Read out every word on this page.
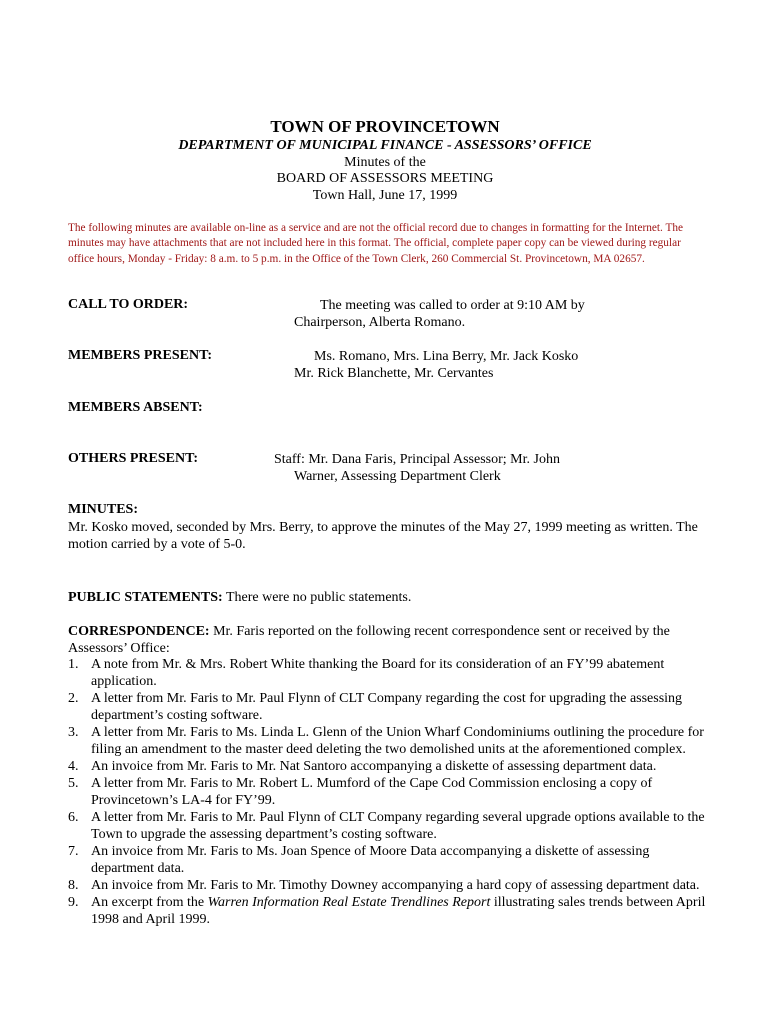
TOWN OF PROVINCETOWN
DEPARTMENT OF MUNICIPAL FINANCE - ASSESSORS’ OFFICE
Minutes of the
BOARD OF ASSESSORS MEETING
Town Hall, June 17, 1999
The following minutes are available on-line as a service and are not the official record due to changes in formatting for the Internet. The minutes may have attachments that are not included here in this format. The official, complete paper copy can be viewed during regular office hours, Monday - Friday: 8 a.m. to 5 p.m. in the Office of the Town Clerk, 260 Commercial St. Provincetown, MA 02657.
CALL TO ORDER:	The meeting was called to order at 9:10 AM by
Chairperson, Alberta Romano.
MEMBERS PRESENT:	Ms. Romano, Mrs. Lina Berry, Mr. Jack Kosko
Mr. Rick Blanchette, Mr. Cervantes
MEMBERS ABSENT:
OTHERS PRESENT:	Staff: Mr. Dana Faris, Principal Assessor; Mr. John
Warner, Assessing Department Clerk
MINUTES:
Mr. Kosko moved, seconded by Mrs. Berry, to approve the minutes of the May 27, 1999 meeting as written. The motion carried by a vote of 5-0.
PUBLIC STATEMENTS: There were no public statements.
CORRESPONDENCE: Mr. Faris reported on the following recent correspondence sent or received by the Assessors’ Office:
1. A note from Mr. & Mrs. Robert White thanking the Board for its consideration of an FY’99 abatement application.
2. A letter from Mr. Faris to Mr. Paul Flynn of CLT Company regarding the cost for upgrading the assessing department’s costing software.
3. A letter from Mr. Faris to Ms. Linda L. Glenn of the Union Wharf Condominiums outlining the procedure for filing an amendment to the master deed deleting the two demolished units at the aforementioned complex.
4. An invoice from Mr. Faris to Mr. Nat Santoro accompanying a diskette of assessing department data.
5. A letter from Mr. Faris to Mr. Robert L. Mumford of the Cape Cod Commission enclosing a copy of Provincetown’s LA-4 for FY’99.
6. A letter from Mr. Faris to Mr. Paul Flynn of CLT Company regarding several upgrade options available to the Town to upgrade the assessing department’s costing software.
7. An invoice from Mr. Faris to Ms. Joan Spence of Moore Data accompanying a diskette of assessing department data.
8. An invoice from Mr. Faris to Mr. Timothy Downey accompanying a hard copy of assessing department data.
9. An excerpt from the Warren Information Real Estate Trendlines Report illustrating sales trends between April 1998 and April 1999.
